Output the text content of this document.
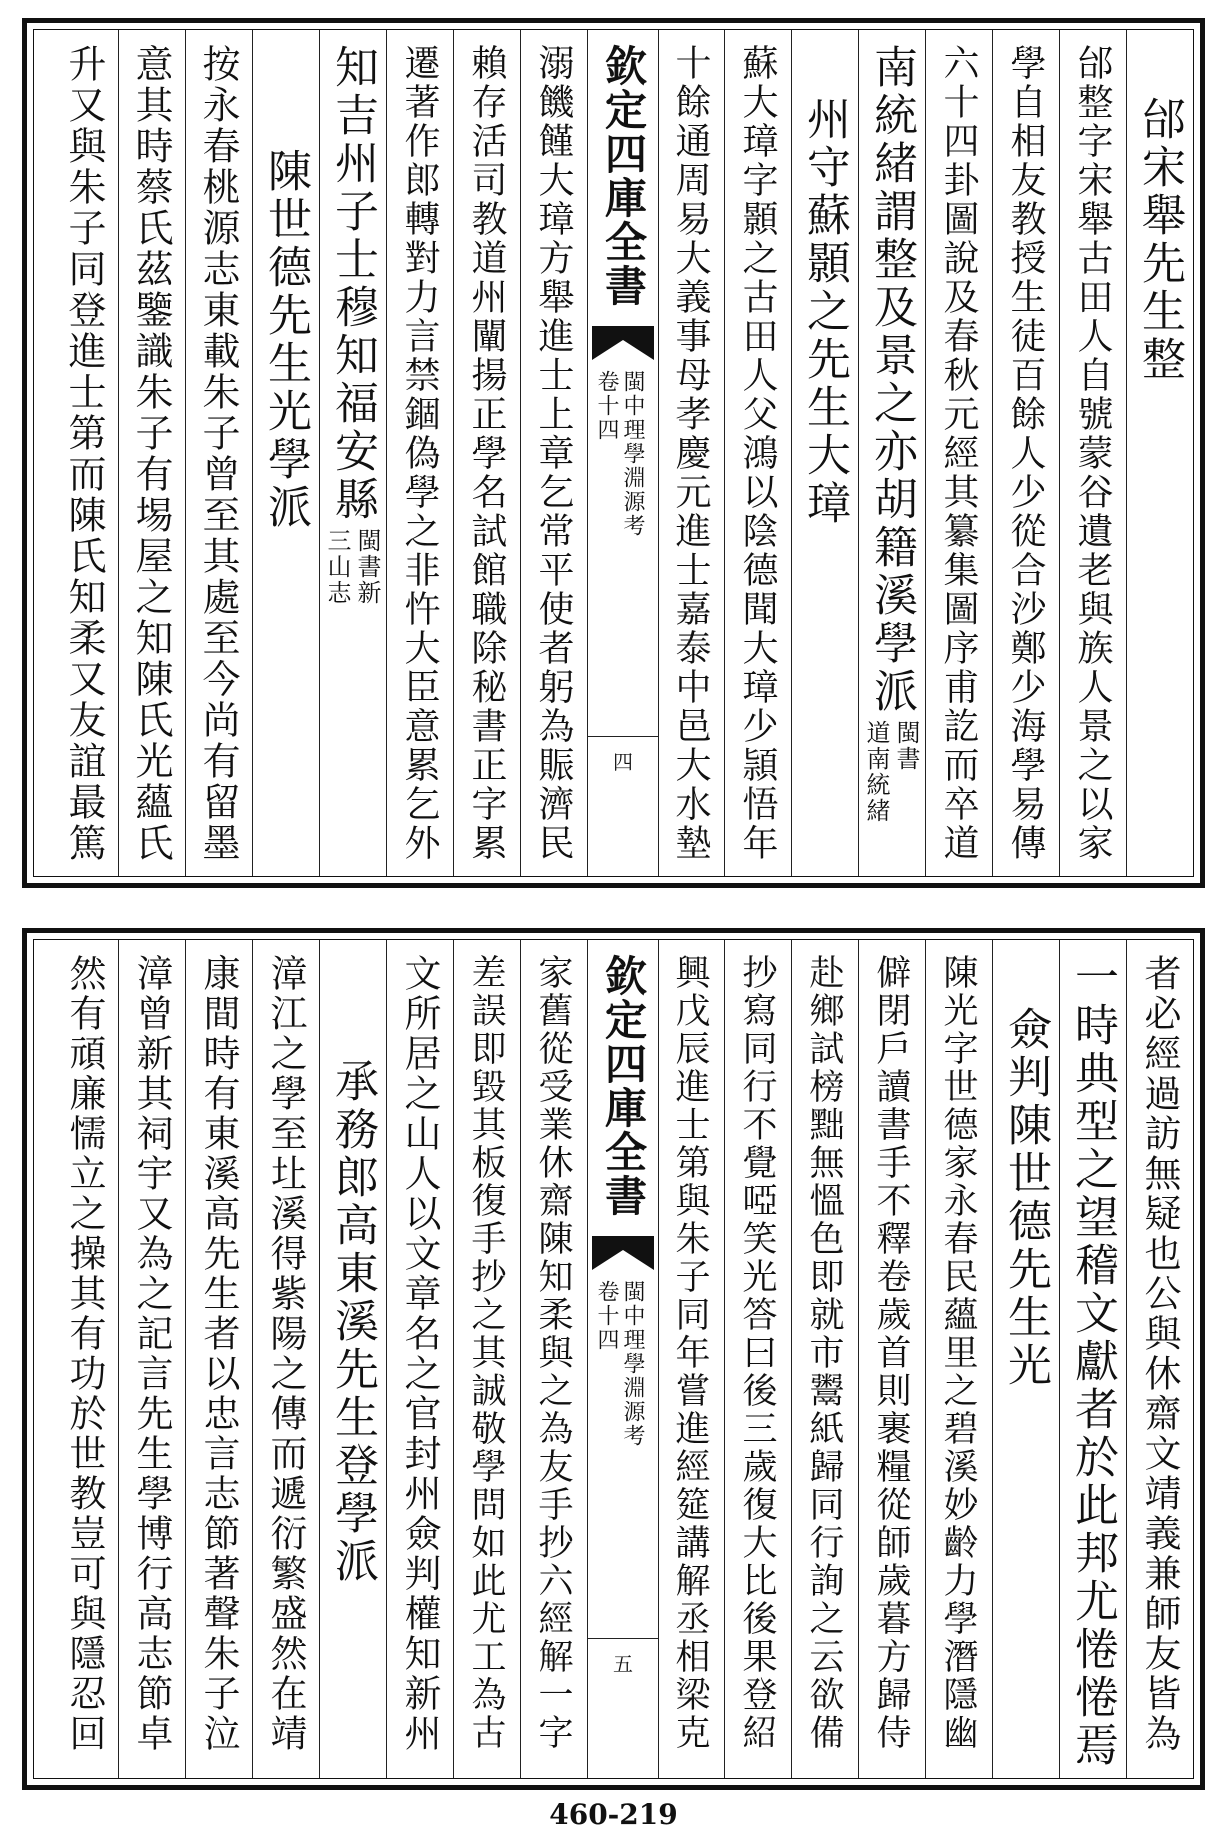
邰宋舉先生整
邰整字宋舉古田人自號蒙谷遺老與族人景之以家
學自相友教授生徒百餘人少從合沙鄭少海學易傳
六十四卦圖說及春秋元經其纂集圖序甫訖而卒道
南統緒謂整及景之亦胡籍溪學派
閩書
道南統緒
州守蘇顥之先生大璋
蘇大璋字顥之古田人父鴻以陰德聞大璋少頴悟年
十餘通周易大義事母孝慶元進士嘉泰中邑大水墊
欽定四庫全書
閩中理學淵源考
卷十四
四
溺饑饉大璋方舉進士上章乞常平使者躬為賑濟民
賴存活司教道州闡揚正學名試館職除秘書正字累
遷著作郎轉對力言禁錮偽學之非忤大臣意累乞外
知吉州子士穆知福安縣
閩書新
三山志
陳世德先生光學派
按永春桃源志東載朱子曾至其處至今尚有留墨
意其時蔡氏茲鑒識朱子有埸屋之知陳氏光蘊氏
升又與朱子同登進士第而陳氏知柔又友誼最篤
者必經過訪無疑也公與休齋文靖義兼師友皆為
一時典型之望稽文獻者於此邦尤惓惓焉
僉判陳世德先生光
陳光字世德家永春民蘊里之碧溪妙齡力學潛隱幽
僻閉戶讀書手不釋卷歲首則裹糧從師歲暮方歸侍
赴鄉試榜黜無慍色即就市鬻紙歸同行詢之云欲備
抄寫同行不覺啞笑光答曰後三歲復大比後果登紹
興戊辰進士第與朱子同年嘗進經筵講解丞相梁克
欽定四庫全書
閩中理學淵源考
卷十四
五
家舊從受業休齋陳知柔與之為友手抄六經解一字
差誤即毀其板復手抄之其誠敬學問如此尤工為古
文所居之山人以文章名之官封州僉判權知新州
承務郎高東溪先生登學派
漳江之學至圵溪得紫陽之傳而遞衍繁盛然在靖
康間時有東溪高先生者以忠言志節著聲朱子泣
漳曾新其祠宇又為之記言先生學博行高志節卓
然有頑廉懦立之操其有功於世教豈可與隱忍回
460-219
